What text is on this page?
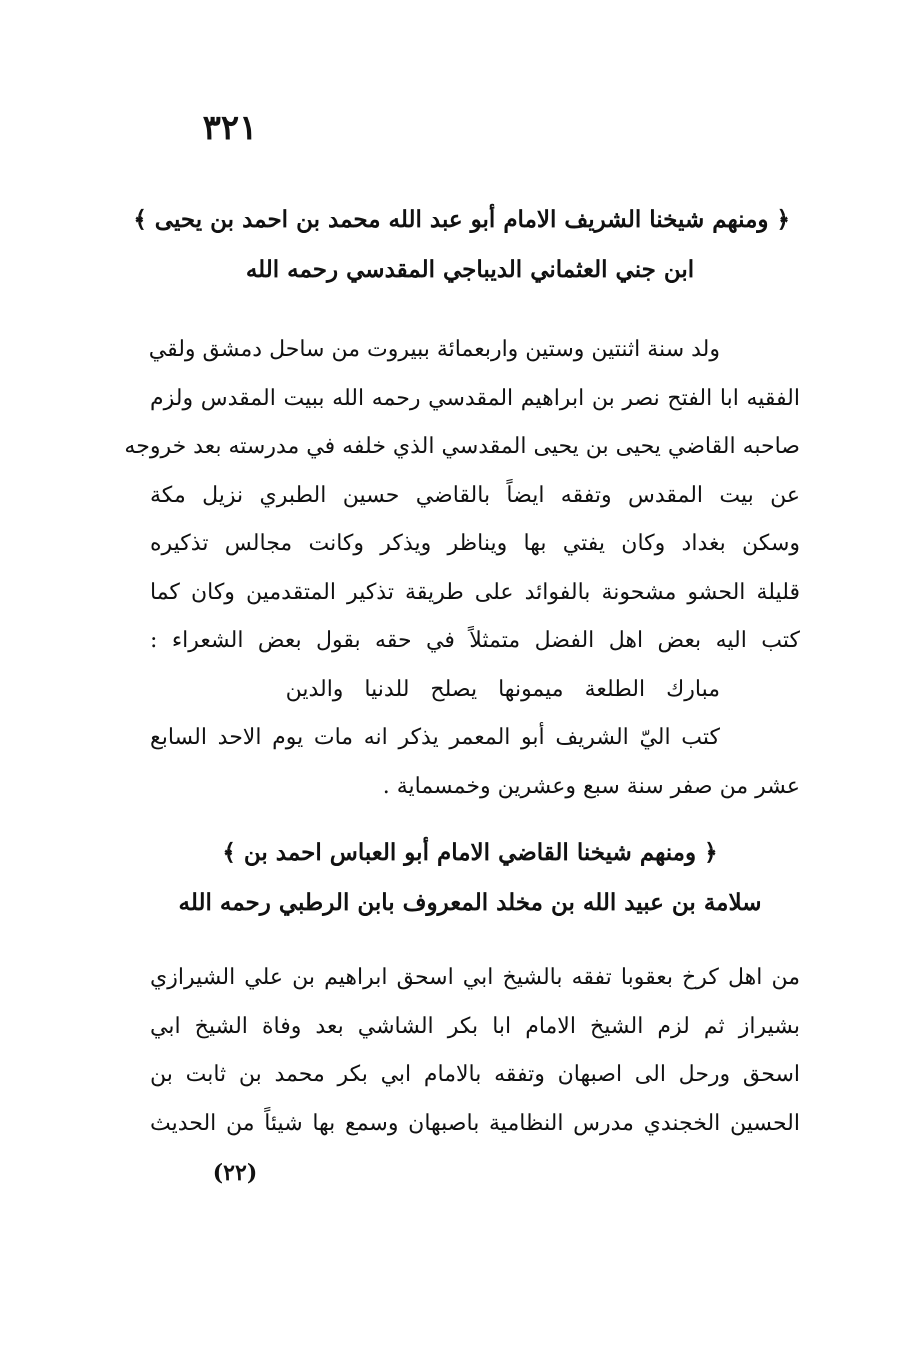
٣٢١
﴿ ومنهم شيخنا الشريف الامام أبو عبد الله محمد بن احمد بن يحيى ﴾
ابن جني العثماني الديباجي المقدسي رحمه الله
ولد سنة اثنتين وستين واربعمائة ببيروت من ساحل دمشق ولقي
الفقيه ابا الفتح نصر بن ابراهيم المقدسي رحمه الله ببيت المقدس ولزم
صاحبه القاضي يحيى بن يحيى المقدسي الذي خلفه في مدرسته بعد خروجه
عن بيت المقدس وتفقه ايضاً بالقاضي حسين الطبري نزيل مكة
وسكن بغداد وكان يفتي بها ويناظر ويذكر وكانت مجالس تذكيره
قليلة الحشو مشحونة بالفوائد على طريقة تذكير المتقدمين وكان كما
كتب اليه بعض اهل الفضل متمثلاً في حقه بقول بعض الشعراء :
مبارك الطلعة ميمونها يصلح للدنيا والدين
كتب اليّ الشريف أبو المعمر يذكر انه مات يوم الاحد السابع
عشر من صفر سنة سبع وعشرين وخمسماية .
﴿ ومنهم شيخنا القاضي الامام أبو العباس احمد بن ﴾
سلامة بن عبيد الله بن مخلد المعروف بابن الرطبي رحمه الله
من اهل كرخ بعقوبا تفقه بالشيخ ابي اسحق ابراهيم بن علي الشيرازي
بشيراز ثم لزم الشيخ الامام ابا بكر الشاشي بعد وفاة الشيخ ابي
اسحق ورحل الى اصبهان وتفقه بالامام ابي بكر محمد بن ثابت بن
الحسين الخجندي مدرس النظامية باصبهان وسمع بها شيئاً من الحديث
(٢٢)
